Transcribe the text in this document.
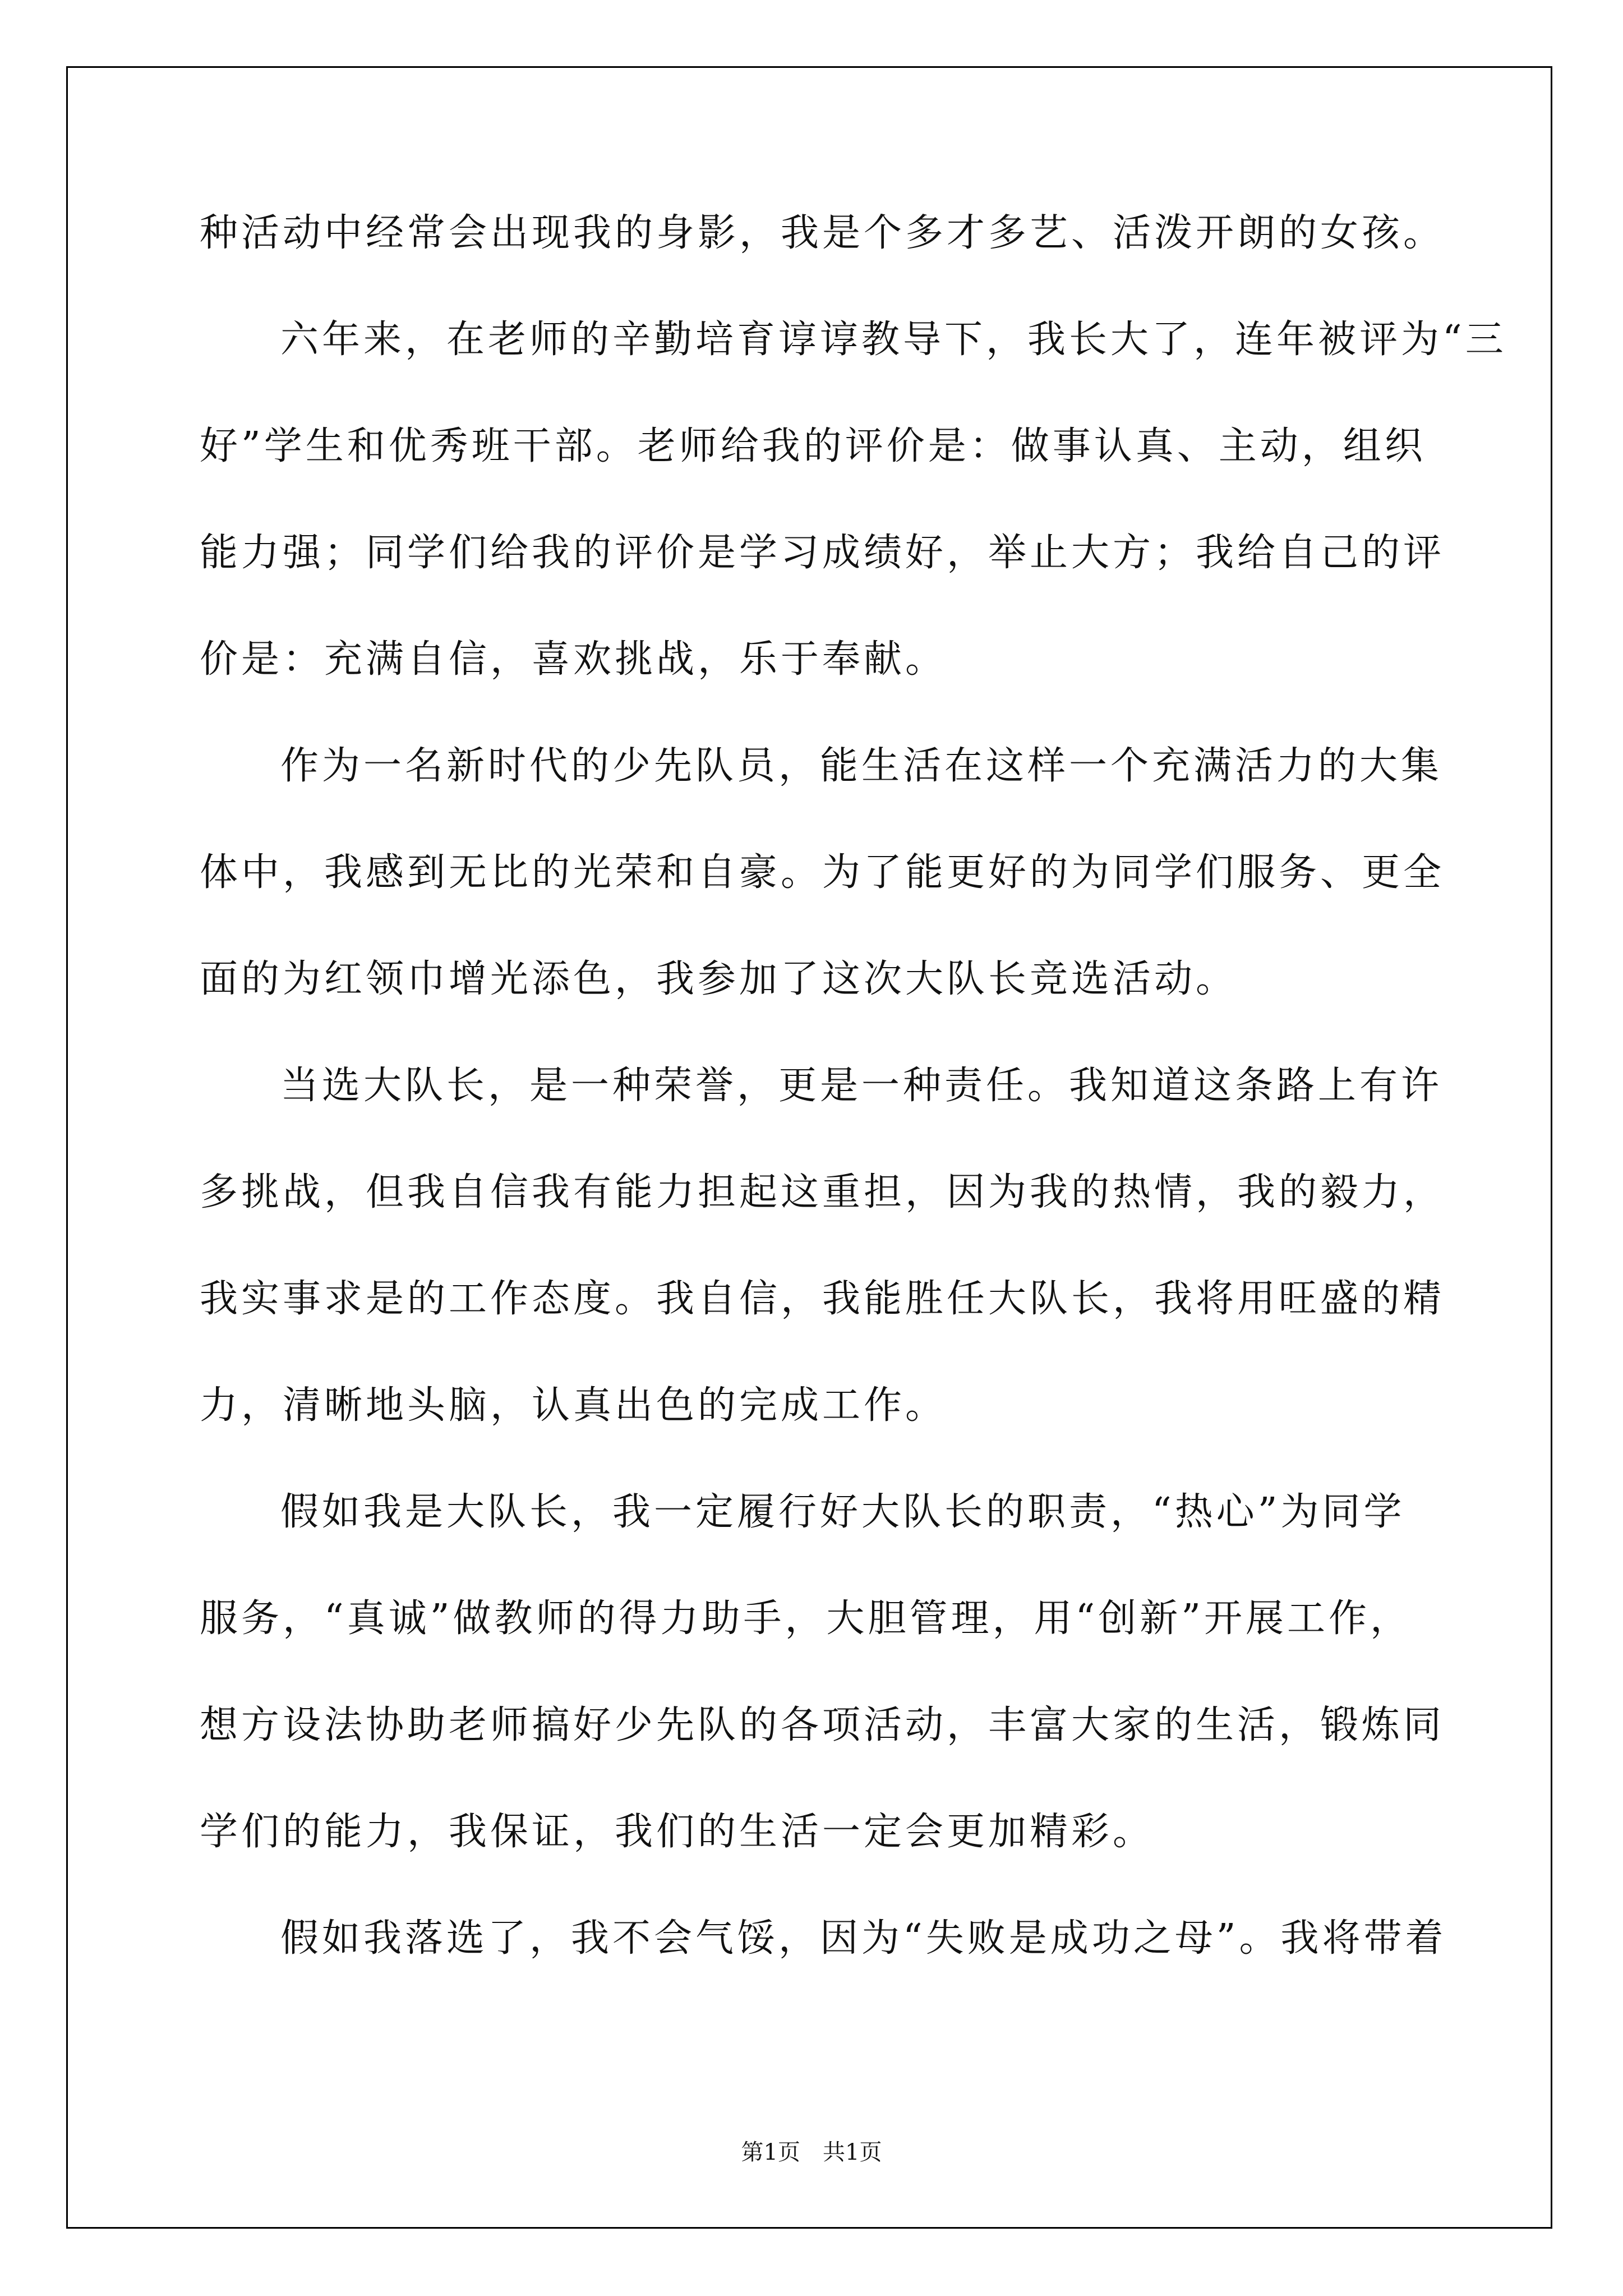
种活动中经常会出现我的身影，我是个多才多艺、活泼开朗的女孩。
六年来，在老师的辛勤培育谆谆教导下，我长大了，连年被评为“三
好”学生和优秀班干部。老师给我的评价是：做事认真、主动，组织
能力强；同学们给我的评价是学习成绩好，举止大方；我给自己的评
价是：充满自信，喜欢挑战，乐于奉献。
作为一名新时代的少先队员，能生活在这样一个充满活力的大集
体中，我感到无比的光荣和自豪。为了能更好的为同学们服务、更全
面的为红领巾增光添色，我参加了这次大队长竞选活动。
当选大队长，是一种荣誉，更是一种责任。我知道这条路上有许
多挑战，但我自信我有能力担起这重担，因为我的热情，我的毅力，
我实事求是的工作态度。我自信，我能胜任大队长，我将用旺盛的精
力，清晰地头脑，认真出色的完成工作。
假如我是大队长，我一定履行好大队长的职责，“热心”为同学
服务，“真诚”做教师的得力助手，大胆管理，用“创新”开展工作，
想方设法协助老师搞好少先队的各项活动，丰富大家的生活，锻炼同
学们的能力，我保证，我们的生活一定会更加精彩。
假如我落选了，我不会气馁，因为“失败是成功之母”。我将带着
第1页　共1页
